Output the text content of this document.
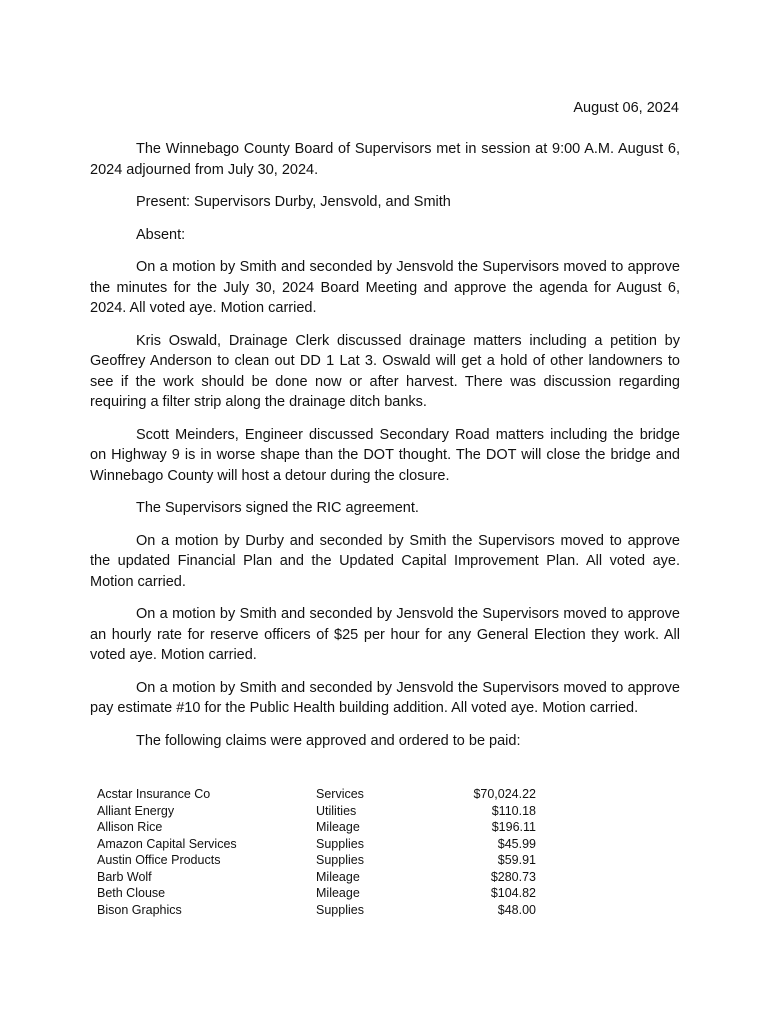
August 06, 2024

The Winnebago County Board of Supervisors met in session at 9:00 A.M. August 6, 2024 adjourned from July 30, 2024.

Present: Supervisors Durby, Jensvold, and Smith

Absent:

On a motion by Smith and seconded by Jensvold the Supervisors moved to approve the minutes for the July 30, 2024 Board Meeting and approve the agenda for August 6, 2024. All voted aye. Motion carried.

Kris Oswald, Drainage Clerk discussed drainage matters including a petition by Geoffrey Anderson to clean out DD 1 Lat 3. Oswald will get a hold of other landowners to see if the work should be done now or after harvest. There was discussion regarding requiring a filter strip along the drainage ditch banks.

Scott Meinders, Engineer discussed Secondary Road matters including the bridge on Highway 9 is in worse shape than the DOT thought. The DOT will close the bridge and Winnebago County will host a detour during the closure.

The Supervisors signed the RIC agreement.

On a motion by Durby and seconded by Smith the Supervisors moved to approve the updated Financial Plan and the Updated Capital Improvement Plan. All voted aye. Motion carried.

On a motion by Smith and seconded by Jensvold the Supervisors moved to approve an hourly rate for reserve officers of $25 per hour for any General Election they work. All voted aye. Motion carried.

On a motion by Smith and seconded by Jensvold the Supervisors moved to approve pay estimate #10 for the Public Health building addition. All voted aye. Motion carried.

The following claims were approved and ordered to be paid:

Acstar Insurance Co	Services	$70,024.22
Alliant Energy	Utilities	$110.18
Allison Rice	Mileage	$196.11
Amazon Capital Services	Supplies	$45.99
Austin Office Products	Supplies	$59.91
Barb Wolf	Mileage	$280.73
Beth Clouse	Mileage	$104.82
Bison Graphics	Supplies	$48.00
